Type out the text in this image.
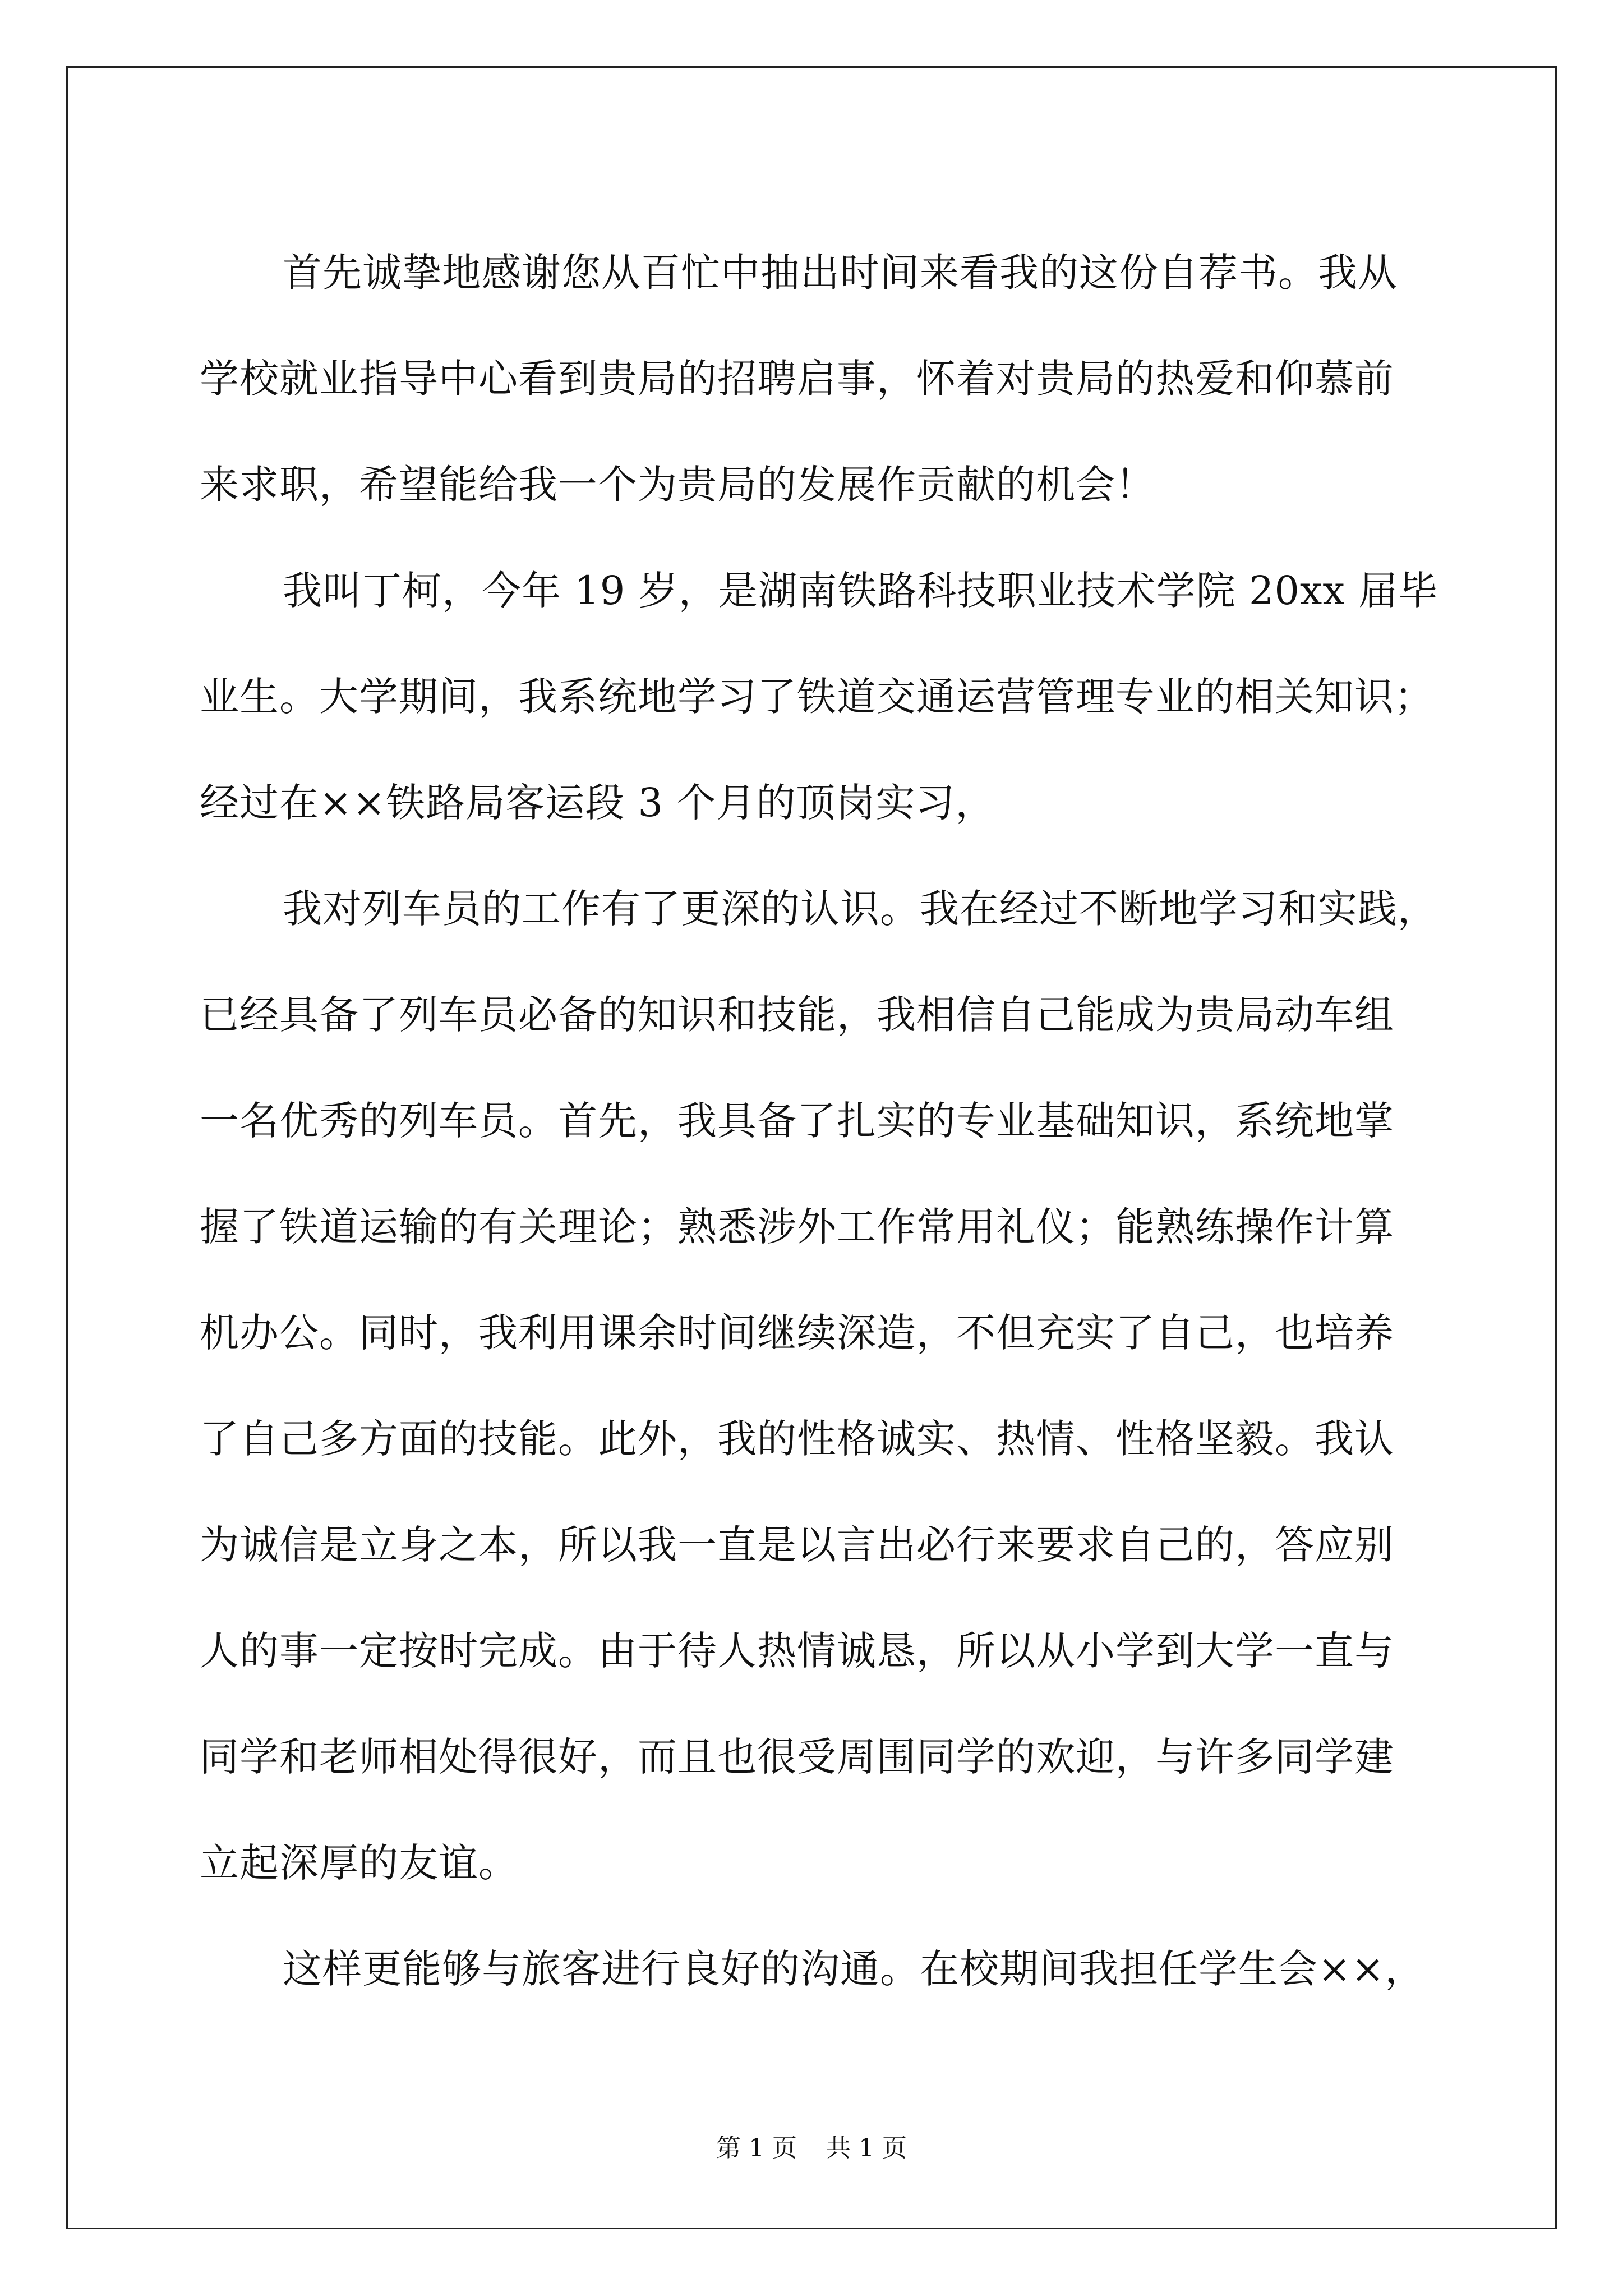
首先诚挚地感谢您从百忙中抽出时间来看我的这份自荐书。我从
学校就业指导中心看到贵局的招聘启事，怀着对贵局的热爱和仰慕前
来求职，希望能给我一个为贵局的发展作贡献的机会！
我叫丁柯，今年 19 岁，是湖南铁路科技职业技术学院 20xx 届毕
业生。大学期间，我系统地学习了铁道交通运营管理专业的相关知识；
经过在××铁路局客运段 3 个月的顶岗实习，
我对列车员的工作有了更深的认识。我在经过不断地学习和实践，
已经具备了列车员必备的知识和技能，我相信自己能成为贵局动车组
一名优秀的列车员。首先，我具备了扎实的专业基础知识，系统地掌
握了铁道运输的有关理论；熟悉涉外工作常用礼仪；能熟练操作计算
机办公。同时，我利用课余时间继续深造，不但充实了自己，也培养
了自己多方面的技能。此外，我的性格诚实、热情、性格坚毅。我认
为诚信是立身之本，所以我一直是以言出必行来要求自己的，答应别
人的事一定按时完成。由于待人热情诚恳，所以从小学到大学一直与
同学和老师相处得很好，而且也很受周围同学的欢迎，与许多同学建
立起深厚的友谊。
这样更能够与旅客进行良好的沟通。在校期间我担任学生会××，
第 1 页 共 1 页
